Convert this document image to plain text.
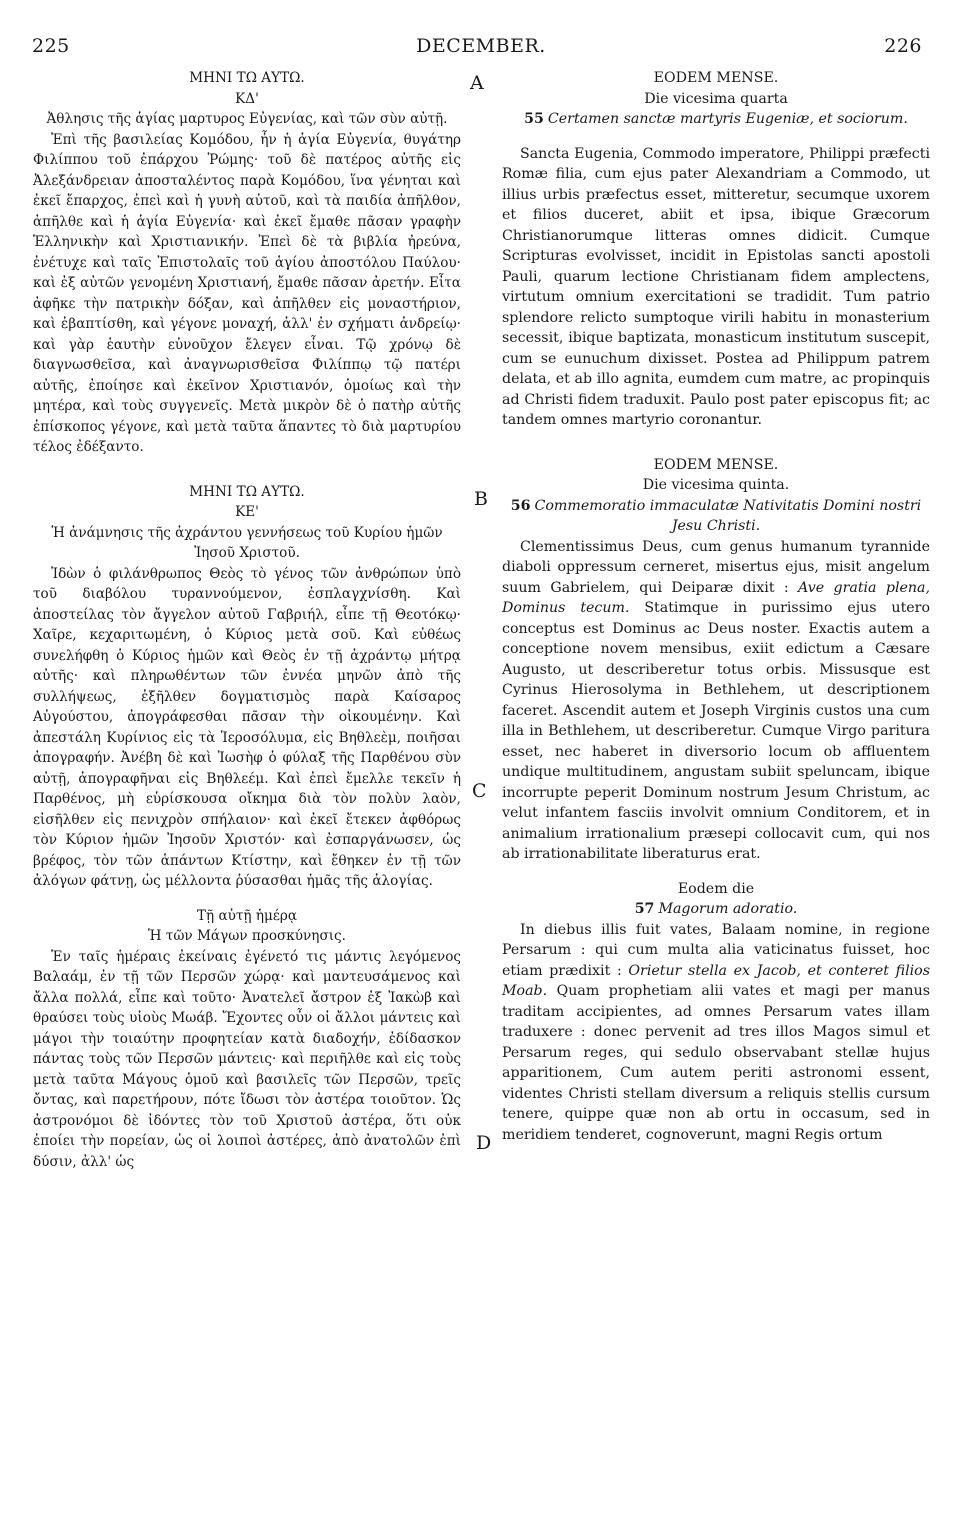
225	DECEMBER.	226
A
B
C
D

ΜΗΝΙ ΤΩ ΑΥΤΩ.

ΚΔ'

Ἀθλησις τῆς ἁγίας μαρτυρος Εὐγενίας, καὶ τῶν σὺν αὐτῇ.

Ἐπὶ τῆς βασιλείας Κομόδου, ἦν ἡ ἁγία Εὐγενία, θυγάτηρ Φιλίππου τοῦ ἐπάρχου Ῥώμης· τοῦ δὲ πατέρος αὐτῆς εἰς Ἀλεξάνδρειαν ἀποσταλέντος παρὰ Κομόδου, ἵνα γένηται καὶ ἐκεῖ ἔπαρχος, ἐπεὶ καὶ ἡ γυνὴ αὐτοῦ, καὶ τὰ παιδία ἀπῆλθον, ἀπῆλθε καὶ ἡ ἁγία Εὐγενία· καὶ ἐκεῖ ἔμαθε πᾶσαν γραφὴν Ἑλληνικὴν καὶ Χριστιανικήν. Ἐπεὶ δὲ τὰ βιβλία ἠρεύνα, ἐνέτυχε καὶ ταῖς Ἐπιστολαῖς τοῦ ἁγίου ἀποστόλου Παύλου· καὶ ἐξ αὐτῶν γενομένη Χριστιανή, ἔμαθε πᾶσαν ἀρετήν. Εἶτα ἀφῆκε τὴν πατρικὴν δόξαν, καὶ ἀπῆλθεν εἰς μοναστήριον, καὶ ἐβαπτίσθη, καὶ γέγονε μοναχή, ἀλλ' ἐν σχήματι ἀνδρείῳ· καὶ γὰρ ἑαυτὴν εὐνοῦχον ἔλεγεν εἶναι. Τῷ χρόνῳ δὲ διαγνωσθεῖσα, καὶ ἀναγνωρισθεῖσα Φιλίππῳ τῷ πατέρι αὐτῆς, ἐποίησε καὶ ἐκεῖνον Χριστιανόν, ὁμοίως καὶ τὴν μητέρα, καὶ τοὺς συγγενεῖς. Μετὰ μικρὸν δὲ ὁ πατὴρ αὐτῆς ἐπίσκοπος γέγονε, καὶ μετὰ ταῦτα ἅπαντες τὸ διὰ μαρτυρίου τέλος ἐδέξαντο.

ΜΗΝΙ ΤΩ ΑΥΤΩ.

ΚΕ'

Ἡ ἀνάμνησις τῆς ἀχράντου γεννήσεως τοῦ Κυρίου ἡμῶν Ἰησοῦ Χριστοῦ.

Ἰδὼν ὁ φιλάνθρωπος Θεὸς τὸ γένος τῶν ἀνθρώπων ὑπὸ τοῦ διαβόλου τυραννούμενον, ἐσπλαγχνίσθη. Καὶ ἀποστείλας τὸν ἄγγελον αὐτοῦ Γαβριήλ, εἶπε τῇ Θεοτόκῳ· Χαῖρε, κεχαριτωμένη, ὁ Κύριος μετὰ σοῦ. Καὶ εὐθέως συνελήφθη ὁ Κύριος ἡμῶν καὶ Θεὸς ἐν τῇ ἀχράντῳ μήτρᾳ αὐτῆς· καὶ πληρωθέντων τῶν ἐννέα μηνῶν ἀπὸ τῆς συλλήψεως, ἐξῆλθεν δογματισμὸς παρὰ Καίσαρος Αὐγούστου, ἀπογράφεσθαι πᾶσαν τὴν οἰκουμένην. Καὶ ἀπεστάλη Κυρίνιος εἰς τὰ Ἱεροσόλυμα, εἰς Βηθλεὲμ, ποιῆσαι ἀπογραφήν. Ἀνέβη δὲ καὶ Ἰωσὴφ ὁ φύλαξ τῆς Παρθένου σὺν αὐτῇ, ἀπογραφῆναι εἰς Βηθλεέμ. Καὶ ἐπεὶ ἔμελλε τεκεῖν ἡ Παρθένος, μὴ εὑρίσκουσα οἴκημα διὰ τὸν πολὺν λαὸν, εἰσῆλθεν εἰς πενιχρὸν σπήλαιον· καὶ ἐκεῖ ἔτεκεν ἀφθόρως τὸν Κύριον ἡμῶν Ἰησοῦν Χριστόν· καὶ ἐσπαργάνωσεν, ὡς βρέφος, τὸν τῶν ἁπάντων Κτίστην, καὶ ἔθηκεν ἐν τῇ τῶν ἀλόγων φάτνῃ, ὡς μέλλοντα ῥύσασθαι ἡμᾶς τῆς ἀλογίας.

Τῇ αὐτῇ ἡμέρᾳ

Ἡ τῶν Μάγων προσκύνησις.

Ἐν ταῖς ἡμέραις ἐκείναις ἐγένετό τις μάντις λεγόμενος Βαλαάμ, ἐν τῇ τῶν Περσῶν χώρᾳ· καὶ μαντευσάμενος καὶ ἄλλα πολλά, εἶπε καὶ τοῦτο· Ἀνατελεῖ ἄστρον ἐξ Ἰακὼβ καὶ θραύσει τοὺς υἱοὺς Μωάβ. Ἔχοντες οὖν οἱ ἄλλοι μάντεις καὶ μάγοι τὴν τοιαύτην προφητείαν κατὰ διαδοχήν, ἐδίδασκον πάντας τοὺς τῶν Περσῶν μάντεις· καὶ περιῆλθε καὶ εἰς τοὺς μετὰ ταῦτα Μάγους ὁμοῦ καὶ βασιλεῖς τῶν Περσῶν, τρεῖς ὄντας, καὶ παρετήρουν, πότε ἴδωσι τὸν ἀστέρα τοιοῦτον. Ὡς ἀστρονόμοι δὲ ἰδόντες τὸν τοῦ Χριστοῦ ἀστέρα, ὅτι οὐκ ἐποίει τὴν πορείαν, ὡς οἱ λοιποὶ ἀστέρες, ἀπὸ ἀνατολῶν ἐπὶ δύσιν, ἀλλ' ὡς

EODEM MENSE.

Die vicesima quarta

55 Certamen sanctæ martyris Eugeniæ, et sociorum.

Sancta Eugenia, Commodo imperatore, Philippi præfecti Romæ filia, cum ejus pater Alexandriam a Commodo, ut illius urbis præfectus esset, mitteretur, secumque uxorem et filios duceret, abiit et ipsa, ibique Græcorum Christianorumque litteras omnes didicit. Cumque Scripturas evolvisset, incidit in Epistolas sancti apostoli Pauli, quarum lectione Christianam fidem amplectens, virtutum omnium exercitationi se tradidit. Tum patrio splendore relicto sumptoque virili habitu in monasterium secessit, ibique baptizata, monasticum institutum suscepit, cum se eunuchum dixisset. Postea ad Philippum patrem delata, et ab illo agnita, eumdem cum matre, ac propinquis ad Christi fidem traduxit. Paulo post pater episcopus fit; ac tandem omnes martyrio coronantur.

EODEM MENSE.

Die vicesima quinta.

56 Commemoratio immaculatæ Nativitatis Domini nostri Jesu Christi.

Clementissimus Deus, cum genus humanum tyrannide diaboli oppressum cerneret, misertus ejus, misit angelum suum Gabrielem, qui Deiparæ dixit : Ave gratia plena, Dominus tecum. Statimque in purissimo ejus utero conceptus est Dominus ac Deus noster. Exactis autem a conceptione novem mensibus, exiit edictum a Cæsare Augusto, ut describeretur totus orbis. Missusque est Cyrinus Hierosolyma in Bethlehem, ut descriptionem faceret. Ascendit autem et Joseph Virginis custos una cum illa in Bethlehem, ut describeretur. Cumque Virgo paritura esset, nec haberet in diversorio locum ob affluentem undique multitudinem, angustam subiit speluncam, ibique incorrupte peperit Dominum nostrum Jesum Christum, ac velut infantem fasciis involvit omnium Conditorem, et in animalium irrationalium præsepi collocavit cum, qui nos ab irrationabilitate liberaturus erat.

Eodem die

57 Magorum adoratio.

In diebus illis fuit vates, Balaam nomine, in regione Persarum : qui cum multa alia vaticinatus fuisset, hoc etiam prædixit : Orietur stella ex Jacob, et conteret filios Moab. Quam prophetiam alii vates et magi per manus traditam accipientes, ad omnes Persarum vates illam traduxere : donec pervenit ad tres illos Magos simul et Persarum reges, qui sedulo observabant stellæ hujus apparitionem, Cum autem periti astronomi essent, videntes Christi stellam diversum a reliquis stellis cursum tenere, quippe quæ non ab ortu in occasum, sed in meridiem tenderet, cognoverunt, magni Regis ortum
